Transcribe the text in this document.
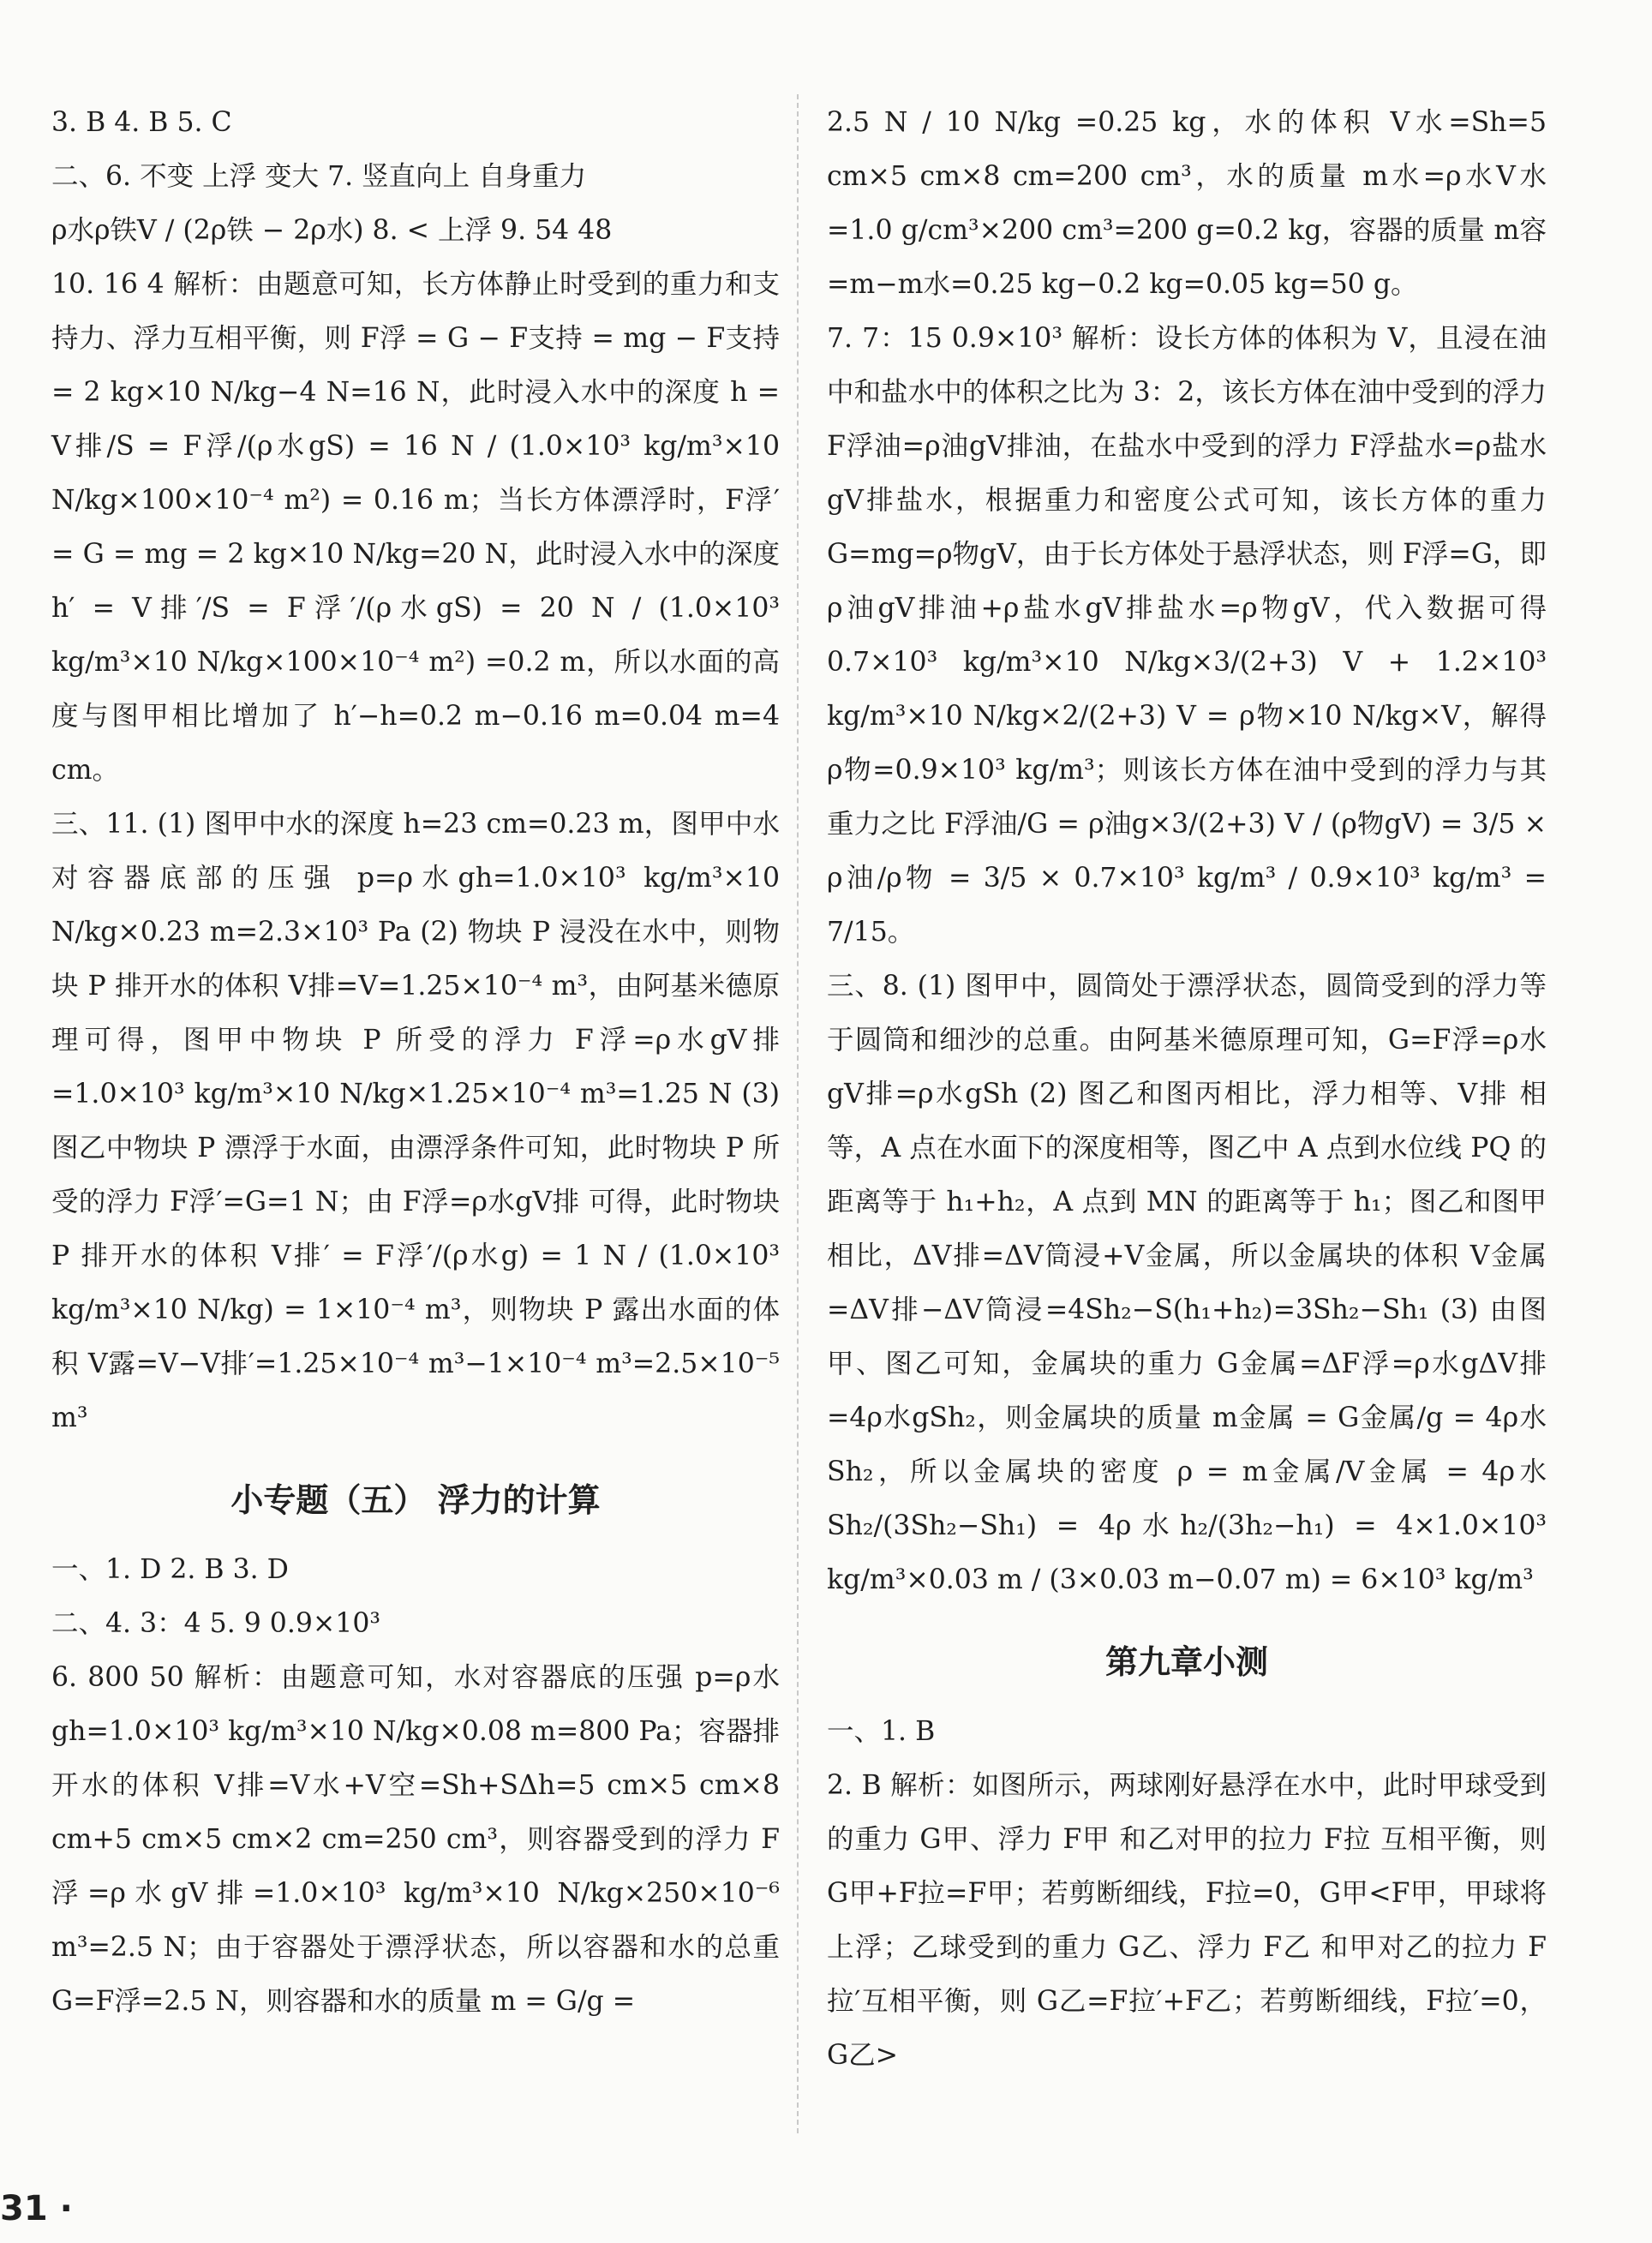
3. B 4. B 5. C

二、6. 不变 上浮 变大 7. 竖直向上 自身重力

ρ水ρ铁V / (2ρ铁 − 2ρ水) 8. < 上浮 9. 54 48

10. 16 4 解析：由题意可知，长方体静止时受到的重力和支持力、浮力互相平衡，则 F浮 = G − F支持 = mg − F支持 = 2 kg×10 N/kg−4 N=16 N，此时浸入水中的深度 h = V排/S = F浮/(ρ水gS) = 16 N / (1.0×10³ kg/m³×10 N/kg×100×10⁻⁴ m²) = 0.16 m；当长方体漂浮时，F浮′ = G = mg = 2 kg×10 N/kg=20 N，此时浸入水中的深度 h′ = V排′/S = F浮′/(ρ水gS) = 20 N / (1.0×10³ kg/m³×10 N/kg×100×10⁻⁴ m²) =0.2 m，所以水面的高度与图甲相比增加了 h′−h=0.2 m−0.16 m=0.04 m=4 cm。

三、11. (1) 图甲中水的深度 h=23 cm=0.23 m，图甲中水对容器底部的压强 p=ρ水gh=1.0×10³ kg/m³×10 N/kg×0.23 m=2.3×10³ Pa (2) 物块 P 浸没在水中，则物块 P 排开水的体积 V排=V=1.25×10⁻⁴ m³，由阿基米德原理可得，图甲中物块 P 所受的浮力 F浮=ρ水gV排=1.0×10³ kg/m³×10 N/kg×1.25×10⁻⁴ m³=1.25 N (3) 图乙中物块 P 漂浮于水面，由漂浮条件可知，此时物块 P 所受的浮力 F浮′=G=1 N；由 F浮=ρ水gV排 可得，此时物块 P 排开水的体积 V排′ = F浮′/(ρ水g) = 1 N / (1.0×10³ kg/m³×10 N/kg) = 1×10⁻⁴ m³，则物块 P 露出水面的体积 V露=V−V排′=1.25×10⁻⁴ m³−1×10⁻⁴ m³=2.5×10⁻⁵ m³

小专题（五） 浮力的计算

一、1. D 2. B 3. D

二、4. 3：4 5. 9 0.9×10³

6. 800 50 解析：由题意可知，水对容器底的压强 p=ρ水gh=1.0×10³ kg/m³×10 N/kg×0.08 m=800 Pa；容器排开水的体积 V排=V水+V空=Sh+SΔh=5 cm×5 cm×8 cm+5 cm×5 cm×2 cm=250 cm³，则容器受到的浮力 F浮=ρ水gV排=1.0×10³ kg/m³×10 N/kg×250×10⁻⁶ m³=2.5 N；由于容器处于漂浮状态，所以容器和水的总重 G=F浮=2.5 N，则容器和水的质量 m = G/g =

2.5 N / 10 N/kg =0.25 kg，水的体积 V水=Sh=5 cm×5 cm×8 cm=200 cm³，水的质量 m水=ρ水V水=1.0 g/cm³×200 cm³=200 g=0.2 kg，容器的质量 m容=m−m水=0.25 kg−0.2 kg=0.05 kg=50 g。

7. 7：15 0.9×10³ 解析：设长方体的体积为 V，且浸在油中和盐水中的体积之比为 3：2，该长方体在油中受到的浮力 F浮油=ρ油gV排油，在盐水中受到的浮力 F浮盐水=ρ盐水gV排盐水，根据重力和密度公式可知，该长方体的重力 G=mg=ρ物gV，由于长方体处于悬浮状态，则 F浮=G，即 ρ油gV排油+ρ盐水gV排盐水=ρ物gV，代入数据可得 0.7×10³ kg/m³×10 N/kg×3/(2+3) V + 1.2×10³ kg/m³×10 N/kg×2/(2+3) V = ρ物×10 N/kg×V，解得 ρ物=0.9×10³ kg/m³；则该长方体在油中受到的浮力与其重力之比 F浮油/G = ρ油g×3/(2+3) V / (ρ物gV) = 3/5 × ρ油/ρ物 = 3/5 × 0.7×10³ kg/m³ / 0.9×10³ kg/m³ = 7/15。

三、8. (1) 图甲中，圆筒处于漂浮状态，圆筒受到的浮力等于圆筒和细沙的总重。由阿基米德原理可知，G=F浮=ρ水gV排=ρ水gSh (2) 图乙和图丙相比，浮力相等、V排 相等，A 点在水面下的深度相等，图乙中 A 点到水位线 PQ 的距离等于 h₁+h₂，A 点到 MN 的距离等于 h₁；图乙和图甲相比，ΔV排=ΔV筒浸+V金属，所以金属块的体积 V金属=ΔV排−ΔV筒浸=4Sh₂−S(h₁+h₂)=3Sh₂−Sh₁ (3) 由图甲、图乙可知，金属块的重力 G金属=ΔF浮=ρ水gΔV排=4ρ水gSh₂，则金属块的质量 m金属 = G金属/g = 4ρ水Sh₂，所以金属块的密度 ρ = m金属/V金属 = 4ρ水Sh₂/(3Sh₂−Sh₁) = 4ρ水h₂/(3h₂−h₁) = 4×1.0×10³ kg/m³×0.03 m / (3×0.03 m−0.07 m) = 6×10³ kg/m³

第九章小测

一、1. B

2. B 解析：如图所示，两球刚好悬浮在水中，此时甲球受到的重力 G甲、浮力 F甲 和乙对甲的拉力 F拉 互相平衡，则 G甲+F拉=F甲；若剪断细线，F拉=0，G甲<F甲，甲球将上浮；乙球受到的重力 G乙、浮力 F乙 和甲对乙的拉力 F拉′互相平衡，则 G乙=F拉′+F乙；若剪断细线，F拉′=0，G乙>

31 ·
